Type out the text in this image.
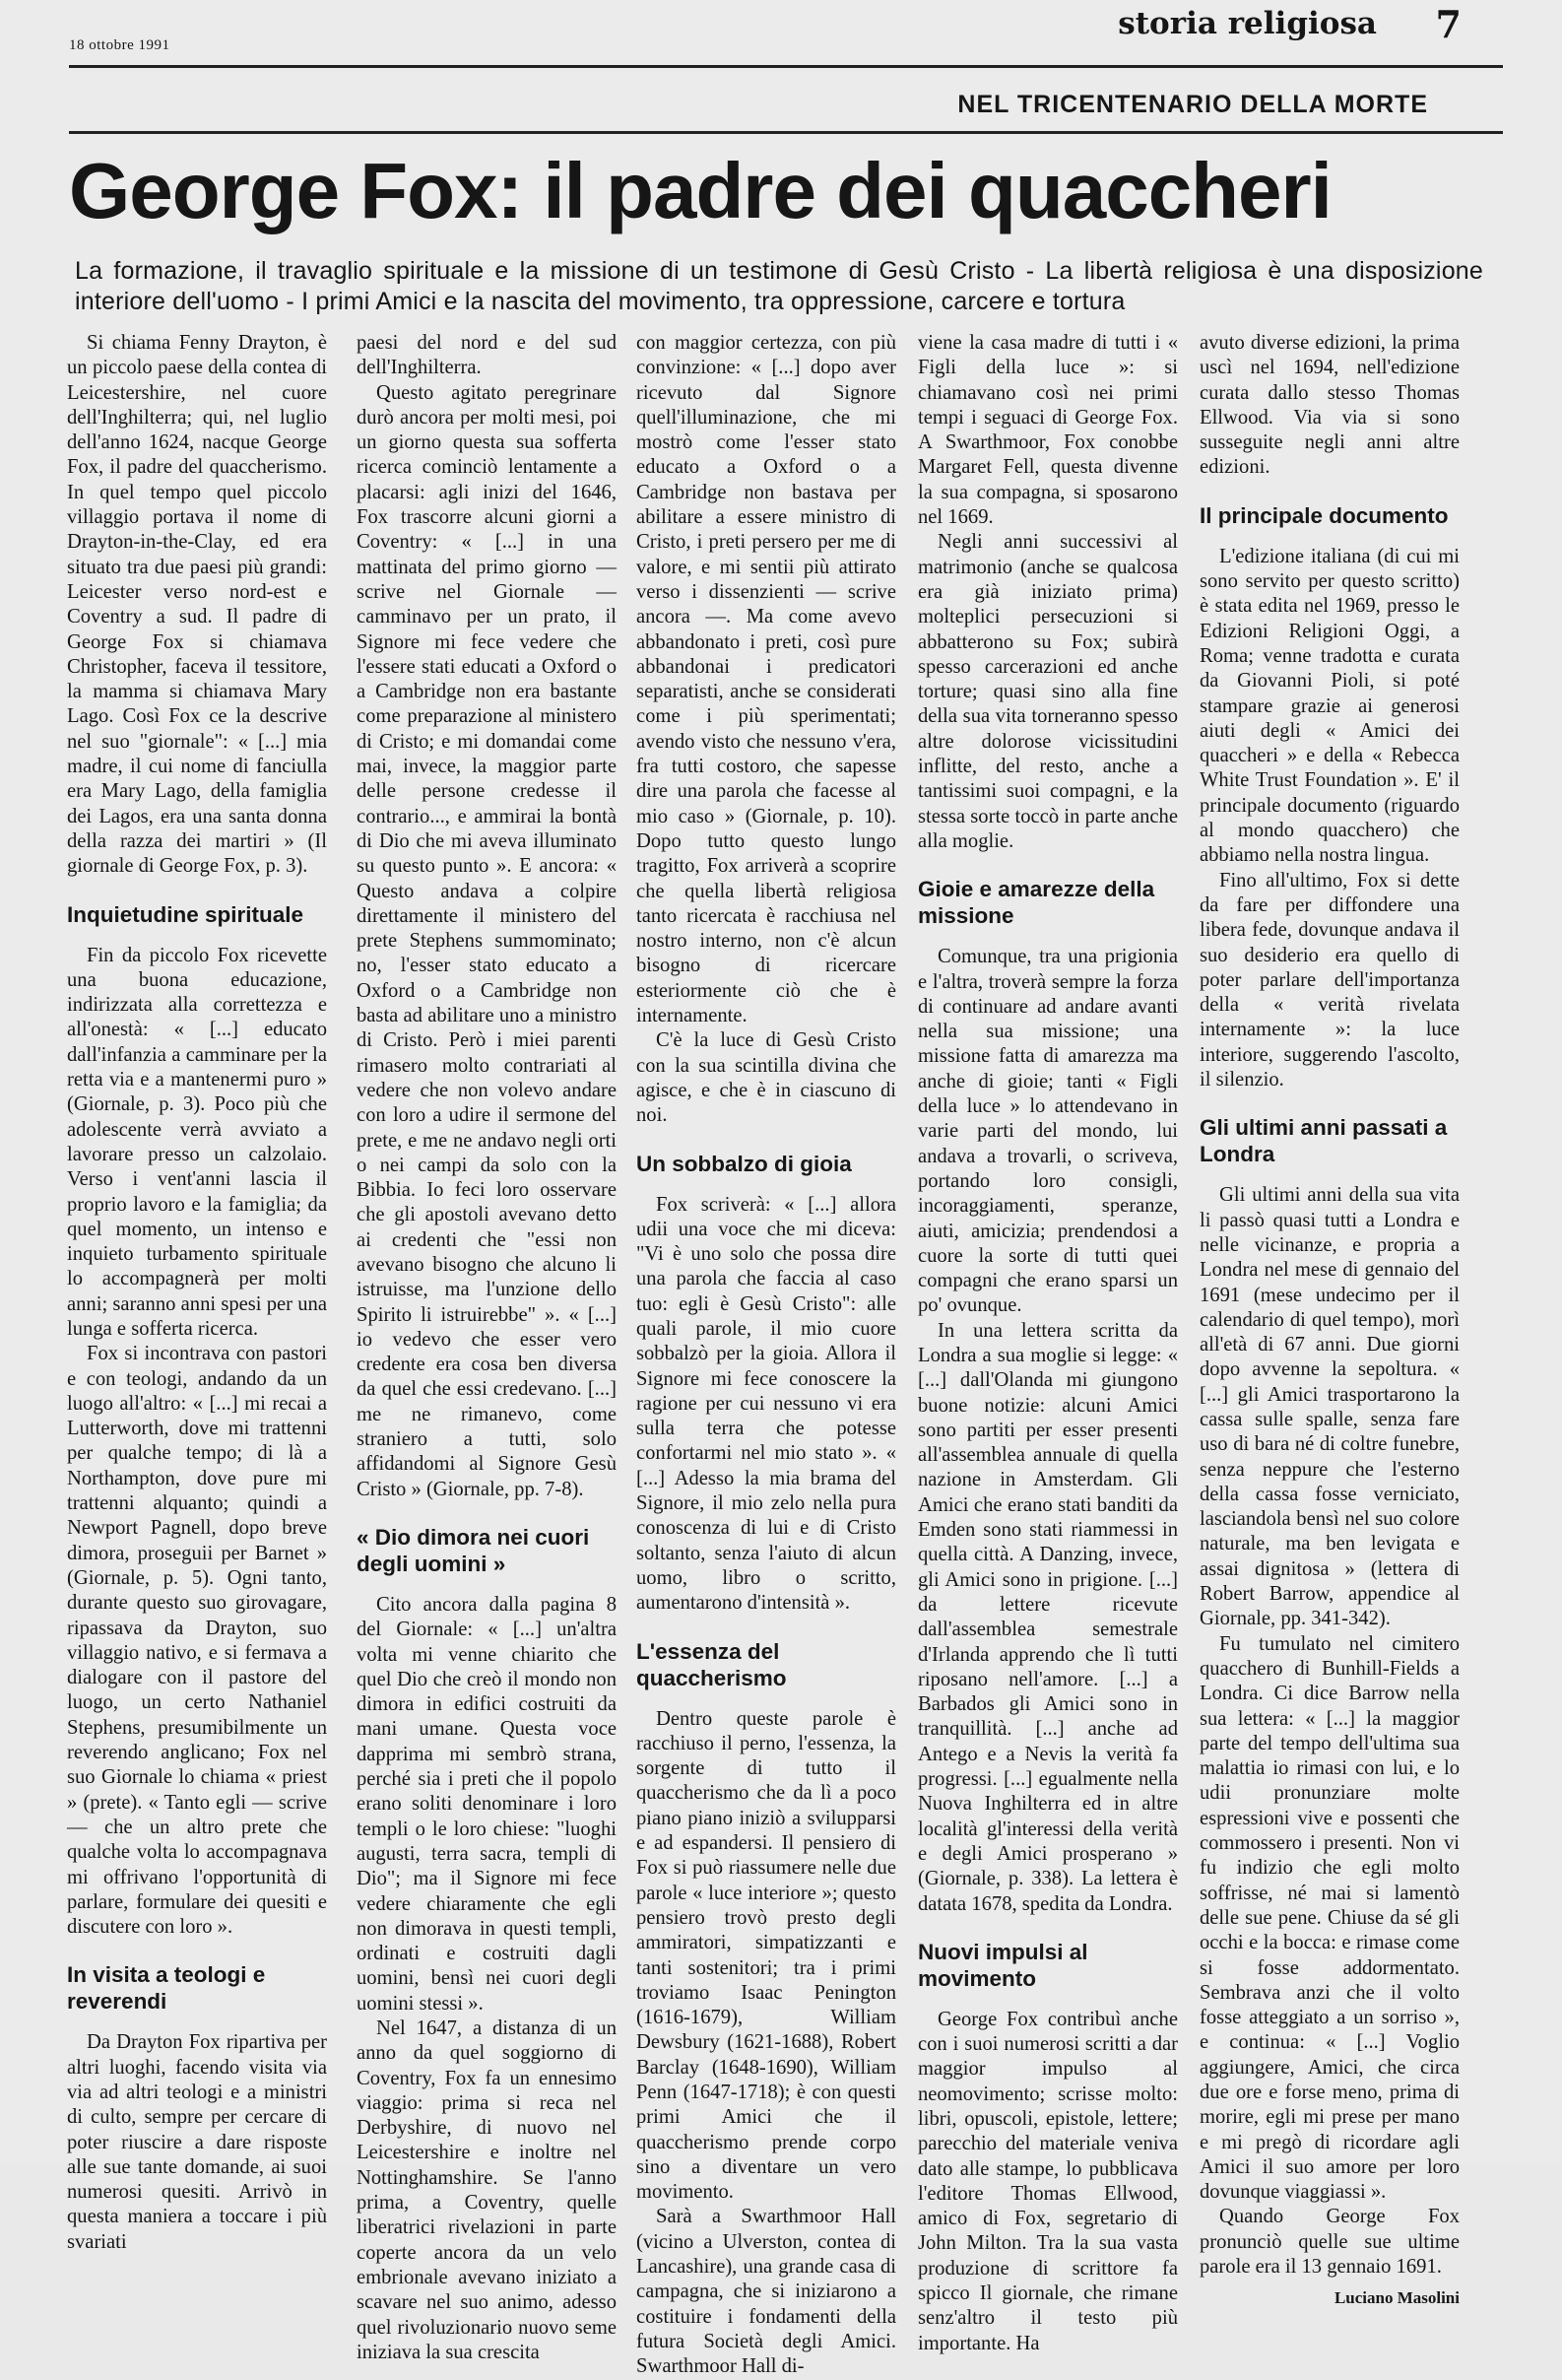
18 ottobre 1991
storia religiosa 7
NEL TRICENTENARIO DELLA MORTE
George Fox: il padre dei quaccheri
La formazione, il travaglio spirituale e la missione di un testimone di Gesù Cristo - La libertà religiosa è una disposizione interiore dell'uomo - I primi Amici e la nascita del movimento, tra oppressione, carcere e tortura

Si chiama Fenny Drayton, è un piccolo paese della contea di Leicestershire, nel cuore dell'Inghilterra; qui, nel luglio dell'anno 1624, nacque George Fox, il padre del quaccherismo. In quel tempo quel piccolo villaggio portava il nome di Drayton-in-the-Clay, ed era situato tra due paesi più grandi: Leicester verso nord-est e Coventry a sud. Il padre di George Fox si chiamava Christopher, faceva il tessitore, la mamma si chiamava Mary Lago. Così Fox ce la descrive nel suo "giornale": « [...] mia madre, il cui nome di fanciulla era Mary Lago, della famiglia dei Lagos, era una santa donna della razza dei martiri » (Il giornale di George Fox, p. 3).

Inquietudine spirituale

Fin da piccolo Fox ricevette una buona educazione, indirizzata alla correttezza e all'onestà: « [...] educato dall'infanzia a camminare per la retta via e a mantenermi puro » (Giornale, p. 3). Poco più che adolescente verrà avviato a lavorare presso un calzolaio. Verso i vent'anni lascia il proprio lavoro e la famiglia; da quel momento, un intenso e inquieto turbamento spirituale lo accompagnerà per molti anni; saranno anni spesi per una lunga e sofferta ricerca.

Fox si incontrava con pastori e con teologi, andando da un luogo all'altro: « [...] mi recai a Lutterworth, dove mi trattenni per qualche tempo; di là a Northampton, dove pure mi trattenni alquanto; quindi a Newport Pagnell, dopo breve dimora, proseguii per Barnet » (Giornale, p. 5). Ogni tanto, durante questo suo girovagare, ripassava da Drayton, suo villaggio nativo, e si fermava a dialogare con il pastore del luogo, un certo Nathaniel Stephens, presumibilmente un reverendo anglicano; Fox nel suo Giornale lo chiama « priest » (prete). « Tanto egli — scrive — che un altro prete che qualche volta lo accompagnava mi offrivano l'opportunità di parlare, formulare dei quesiti e discutere con loro ».

In visita a teologi e reverendi

Da Drayton Fox ripartiva per altri luoghi, facendo visita via via ad altri teologi e a ministri di culto, sempre per cercare di poter riuscire a dare risposte alle sue tante domande, ai suoi numerosi quesiti. Arrivò in questa maniera a toccare i più svariati

paesi del nord e del sud dell'Inghilterra.

Questo agitato peregrinare durò ancora per molti mesi, poi un giorno questa sua sofferta ricerca cominciò lentamente a placarsi: agli inizi del 1646, Fox trascorre alcuni giorni a Coventry: « [...] in una mattinata del primo giorno — scrive nel Giornale — camminavo per un prato, il Signore mi fece vedere che l'essere stati educati a Oxford o a Cambridge non era bastante come preparazione al ministero di Cristo; e mi domandai come mai, invece, la maggior parte delle persone credesse il contrario..., e ammirai la bontà di Dio che mi aveva illuminato su questo punto ». E ancora: « Questo andava a colpire direttamente il ministero del prete Stephens summominato; no, l'esser stato educato a Oxford o a Cambridge non basta ad abilitare uno a ministro di Cristo. Però i miei parenti rimasero molto contrariati al vedere che non volevo andare con loro a udire il sermone del prete, e me ne andavo negli orti o nei campi da solo con la Bibbia. Io feci loro osservare che gli apostoli avevano detto ai credenti che "essi non avevano bisogno che alcuno li istruisse, ma l'unzione dello Spirito li istruirebbe" ». « [...] io vedevo che esser vero credente era cosa ben diversa da quel che essi credevano. [...] me ne rimanevo, come straniero a tutti, solo affidandomi al Signore Gesù Cristo » (Giornale, pp. 7-8).

« Dio dimora nei cuori degli uomini »

Cito ancora dalla pagina 8 del Giornale: « [...] un'altra volta mi venne chiarito che quel Dio che creò il mondo non dimora in edifici costruiti da mani umane. Questa voce dapprima mi sembrò strana, perché sia i preti che il popolo erano soliti denominare i loro templi o le loro chiese: "luoghi augusti, terra sacra, templi di Dio"; ma il Signore mi fece vedere chiaramente che egli non dimorava in questi templi, ordinati e costruiti dagli uomini, bensì nei cuori degli uomini stessi ».

Nel 1647, a distanza di un anno da quel soggiorno di Coventry, Fox fa un ennesimo viaggio: prima si reca nel Derbyshire, di nuovo nel Leicestershire e inoltre nel Nottinghamshire. Se l'anno prima, a Coventry, quelle liberatrici rivelazioni in parte coperte ancora da un velo embrionale avevano iniziato a scavare nel suo animo, adesso quel rivoluzionario nuovo seme iniziava la sua crescita

con maggior certezza, con più convinzione: « [...] dopo aver ricevuto dal Signore quell'illuminazione, che mi mostrò come l'esser stato educato a Oxford o a Cambridge non bastava per abilitare a essere ministro di Cristo, i preti persero per me di valore, e mi sentii più attirato verso i dissenzienti — scrive ancora —. Ma come avevo abbandonato i preti, così pure abbandonai i predicatori separatisti, anche se considerati come i più sperimentati; avendo visto che nessuno v'era, fra tutti costoro, che sapesse dire una parola che facesse al mio caso » (Giornale, p. 10). Dopo tutto questo lungo tragitto, Fox arriverà a scoprire che quella libertà religiosa tanto ricercata è racchiusa nel nostro interno, non c'è alcun bisogno di ricercare esteriormente ciò che è internamente.

C'è la luce di Gesù Cristo con la sua scintilla divina che agisce, e che è in ciascuno di noi.

Un sobbalzo di gioia

Fox scriverà: « [...] allora udii una voce che mi diceva: "Vi è uno solo che possa dire una parola che faccia al caso tuo: egli è Gesù Cristo": alle quali parole, il mio cuore sobbalzò per la gioia. Allora il Signore mi fece conoscere la ragione per cui nessuno vi era sulla terra che potesse confortarmi nel mio stato ». « [...] Adesso la mia brama del Signore, il mio zelo nella pura conoscenza di lui e di Cristo soltanto, senza l'aiuto di alcun uomo, libro o scritto, aumentarono d'intensità ».

L'essenza del quaccherismo

Dentro queste parole è racchiuso il perno, l'essenza, la sorgente di tutto il quaccherismo che da lì a poco piano piano iniziò a svilupparsi e ad espandersi. Il pensiero di Fox si può riassumere nelle due parole « luce interiore »; questo pensiero trovò presto degli ammiratori, simpatizzanti e tanti sostenitori; tra i primi troviamo Isaac Penington (1616-1679), William Dewsbury (1621-1688), Robert Barclay (1648-1690), William Penn (1647-1718); è con questi primi Amici che il quaccherismo prende corpo sino a diventare un vero movimento.

Sarà a Swarthmoor Hall (vicino a Ulverston, contea di Lancashire), una grande casa di campagna, che si iniziarono a costituire i fondamenti della futura Società degli Amici. Swarthmoor Hall di-

viene la casa madre di tutti i « Figli della luce »: si chiamavano così nei primi tempi i seguaci di George Fox. A Swarthmoor, Fox conobbe Margaret Fell, questa divenne la sua compagna, si sposarono nel 1669.

Negli anni successivi al matrimonio (anche se qualcosa era già iniziato prima) molteplici persecuzioni si abbatterono su Fox; subirà spesso carcerazioni ed anche torture; quasi sino alla fine della sua vita torneranno spesso altre dolorose vicissitudini inflitte, del resto, anche a tantissimi suoi compagni, e la stessa sorte toccò in parte anche alla moglie.

Gioie e amarezze della missione

Comunque, tra una prigionia e l'altra, troverà sempre la forza di continuare ad andare avanti nella sua missione; una missione fatta di amarezza ma anche di gioie; tanti « Figli della luce » lo attendevano in varie parti del mondo, lui andava a trovarli, o scriveva, portando loro consigli, incoraggiamenti, speranze, aiuti, amicizia; prendendosi a cuore la sorte di tutti quei compagni che erano sparsi un po' ovunque.

In una lettera scritta da Londra a sua moglie si legge: « [...] dall'Olanda mi giungono buone notizie: alcuni Amici sono partiti per esser presenti all'assemblea annuale di quella nazione in Amsterdam. Gli Amici che erano stati banditi da Emden sono stati riammessi in quella città. A Danzing, invece, gli Amici sono in prigione. [...] da lettere ricevute dall'assemblea semestrale d'Irlanda apprendo che lì tutti riposano nell'amore. [...] a Barbados gli Amici sono in tranquillità. [...] anche ad Antego e a Nevis la verità fa progressi. [...] egualmente nella Nuova Inghilterra ed in altre località gl'interessi della verità e degli Amici prosperano » (Giornale, p. 338). La lettera è datata 1678, spedita da Londra.

Nuovi impulsi al movimento

George Fox contribuì anche con i suoi numerosi scritti a dar maggior impulso al neomovimento; scrisse molto: libri, opuscoli, epistole, lettere; parecchio del materiale veniva dato alle stampe, lo pubblicava l'editore Thomas Ellwood, amico di Fox, segretario di John Milton. Tra la sua vasta produzione di scrittore fa spicco Il giornale, che rimane senz'altro il testo più importante. Ha

avuto diverse edizioni, la prima uscì nel 1694, nell'edizione curata dallo stesso Thomas Ellwood. Via via si sono susseguite negli anni altre edizioni.

Il principale documento

L'edizione italiana (di cui mi sono servito per questo scritto) è stata edita nel 1969, presso le Edizioni Religioni Oggi, a Roma; venne tradotta e curata da Giovanni Pioli, si poté stampare grazie ai generosi aiuti degli « Amici dei quaccheri » e della « Rebecca White Trust Foundation ». E' il principale documento (riguardo al mondo quacchero) che abbiamo nella nostra lingua.

Fino all'ultimo, Fox si dette da fare per diffondere una libera fede, dovunque andava il suo desiderio era quello di poter parlare dell'importanza della « verità rivelata internamente »: la luce interiore, suggerendo l'ascolto, il silenzio.

Gli ultimi anni passati a Londra

Gli ultimi anni della sua vita li passò quasi tutti a Londra e nelle vicinanze, e propria a Londra nel mese di gennaio del 1691 (mese undecimo per il calendario di quel tempo), morì all'età di 67 anni. Due giorni dopo avvenne la sepoltura. « [...] gli Amici trasportarono la cassa sulle spalle, senza fare uso di bara né di coltre funebre, senza neppure che l'esterno della cassa fosse verniciato, lasciandola bensì nel suo colore naturale, ma ben levigata e assai dignitosa » (lettera di Robert Barrow, appendice al Giornale, pp. 341-342).

Fu tumulato nel cimitero quacchero di Bunhill-Fields a Londra. Ci dice Barrow nella sua lettera: « [...] la maggior parte del tempo dell'ultima sua malattia io rimasi con lui, e lo udii pronunziare molte espressioni vive e possenti che commossero i presenti. Non vi fu indizio che egli molto soffrisse, né mai si lamentò delle sue pene. Chiuse da sé gli occhi e la bocca: e rimase come si fosse addormentato. Sembrava anzi che il volto fosse atteggiato a un sorriso », e continua: « [...] Voglio aggiungere, Amici, che circa due ore e forse meno, prima di morire, egli mi prese per mano e mi pregò di ricordare agli Amici il suo amore per loro dovunque viaggiassi ».

Quando George Fox pronunciò quelle sue ultime parole era il 13 gennaio 1691.

Luciano Masolini
